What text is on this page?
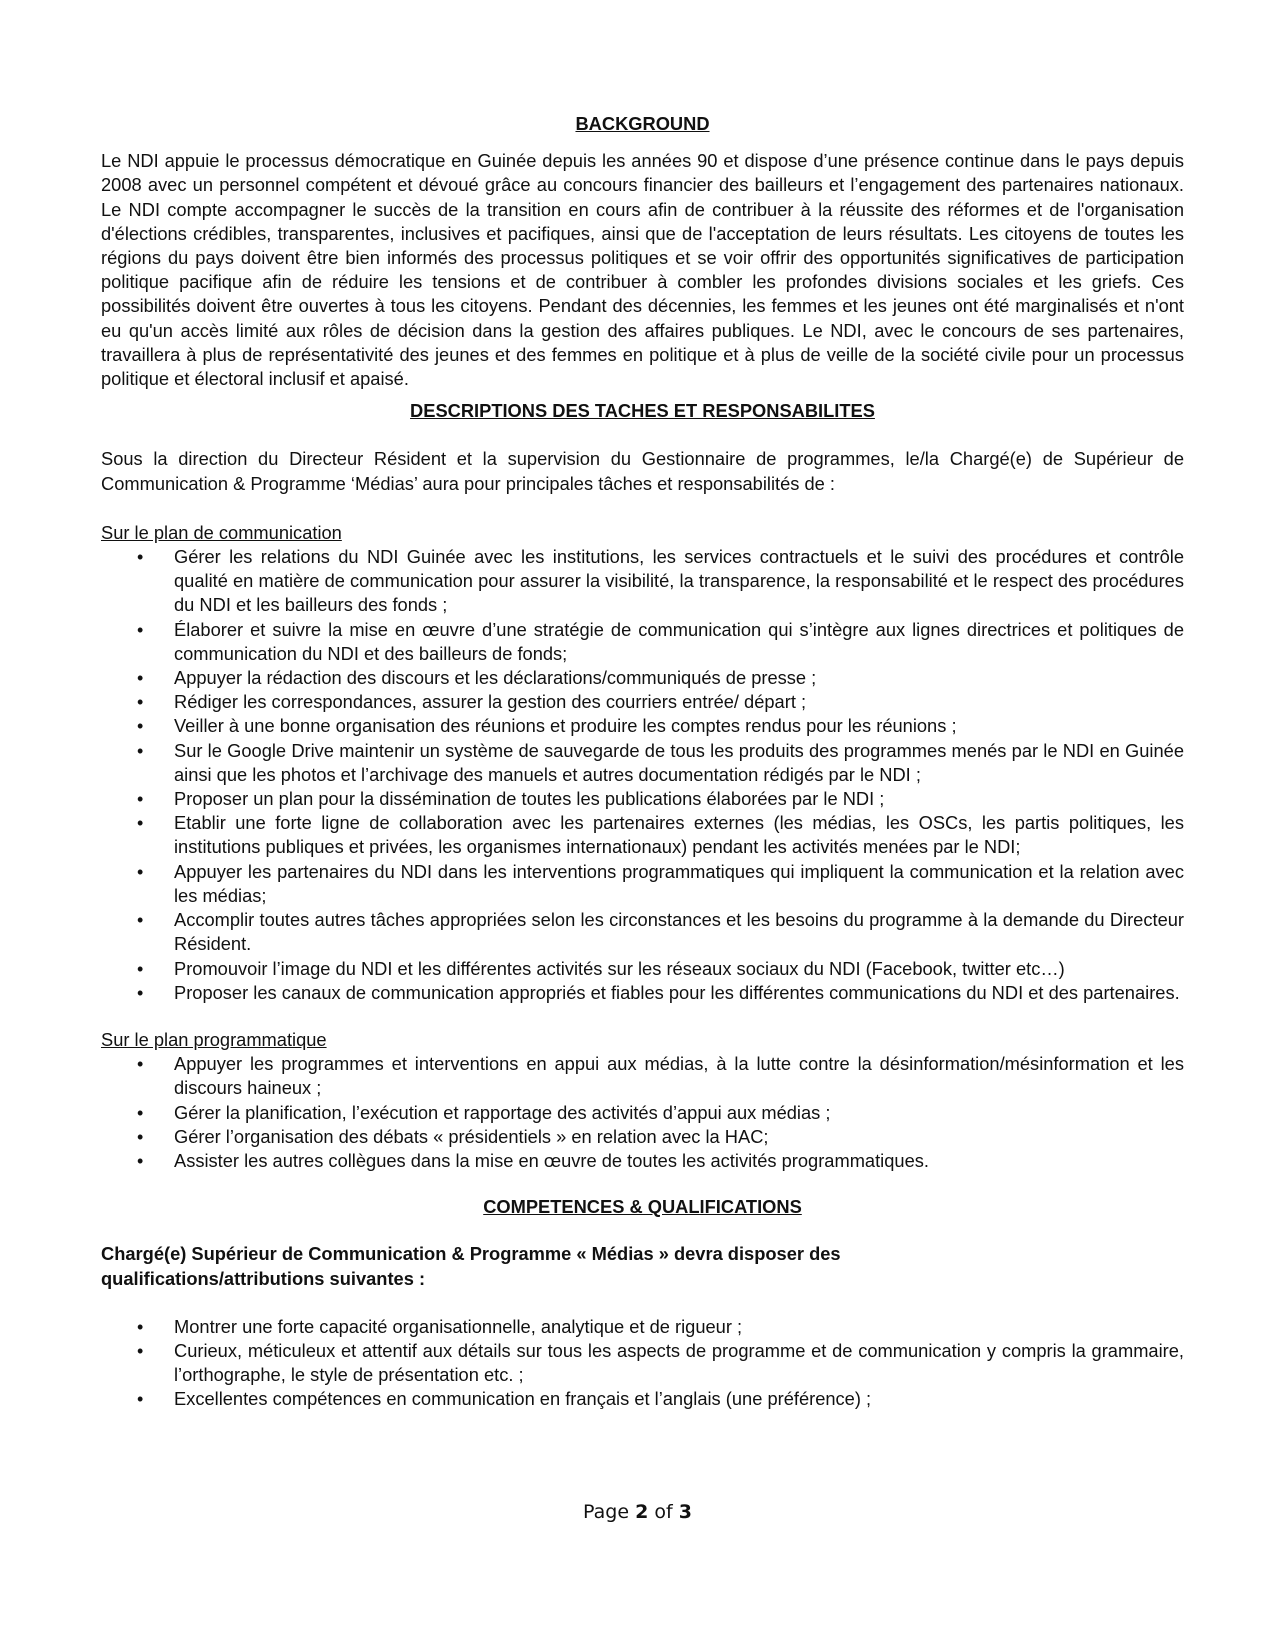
BACKGROUND

Le NDI appuie le processus démocratique en Guinée depuis les années 90 et dispose d’une présence continue dans le pays depuis 2008 avec un personnel compétent et dévoué grâce au concours financier des bailleurs et l’engagement des partenaires nationaux. Le NDI compte accompagner le succès de la transition en cours afin de contribuer à la réussite des réformes et de l'organisation d'élections crédibles, transparentes, inclusives et pacifiques, ainsi que de l'acceptation de leurs résultats. Les citoyens de toutes les régions du pays doivent être bien informés des processus politiques et se voir offrir des opportunités significatives de participation politique pacifique afin de réduire les tensions et de contribuer à combler les profondes divisions sociales et les griefs. Ces possibilités doivent être ouvertes à tous les citoyens. Pendant des décennies, les femmes et les jeunes ont été marginalisés et n'ont eu qu'un accès limité aux rôles de décision dans la gestion des affaires publiques. Le NDI, avec le concours de ses partenaires, travaillera à plus de représentativité des jeunes et des femmes en politique et à plus de veille de la société civile pour un processus politique et électoral inclusif et apaisé.

DESCRIPTIONS DES TACHES ET RESPONSABILITES

Sous la direction du Directeur Résident et la supervision du Gestionnaire de programmes, le/la Chargé(e) de Supérieur de Communication & Programme ‘Médias’ aura pour principales tâches et responsabilités de :

Sur le plan de communication

• Gérer les relations du NDI Guinée avec les institutions, les services contractuels et le suivi des procédures et contrôle qualité en matière de communication pour assurer la visibilité, la transparence, la responsabilité et le respect des procédures du NDI et les bailleurs des fonds ;
• Élaborer et suivre la mise en œuvre d’une stratégie de communication qui s’intègre aux lignes directrices et politiques de communication du NDI et des bailleurs de fonds;
• Appuyer la rédaction des discours et les déclarations/communiqués de presse ;
• Rédiger les correspondances, assurer la gestion des courriers entrée/ départ ;
• Veiller à une bonne organisation des réunions et produire les comptes rendus pour les réunions ;
• Sur le Google Drive maintenir un système de sauvegarde de tous les produits des programmes menés par le NDI en Guinée ainsi que les photos et l’archivage des manuels et autres documentation rédigés par le NDI ;
• Proposer un plan pour la dissémination de toutes les publications élaborées par le NDI ;
• Etablir une forte ligne de collaboration avec les partenaires externes (les médias, les OSCs, les partis politiques, les institutions publiques et privées, les organismes internationaux) pendant les activités menées par le NDI;
• Appuyer les partenaires du NDI dans les interventions programmatiques qui impliquent la communication et la relation avec les médias;
• Accomplir toutes autres tâches appropriées selon les circonstances et les besoins du programme à la demande du Directeur Résident.
• Promouvoir l’image du NDI et les différentes activités sur les réseaux sociaux du NDI (Facebook, twitter etc…)
• Proposer les canaux de communication appropriés et fiables pour les différentes communications du NDI et des partenaires.

Sur le plan programmatique

• Appuyer les programmes et interventions en appui aux médias, à la lutte contre la désinformation/mésinformation et les discours haineux ;
• Gérer la planification, l’exécution et rapportage des activités d’appui aux médias ;
• Gérer l’organisation des débats « présidentiels » en relation avec la HAC;
• Assister les autres collègues dans la mise en œuvre de toutes les activités programmatiques.

COMPETENCES & QUALIFICATIONS

Chargé(e) Supérieur de Communication & Programme « Médias » devra disposer des

qualifications/attributions suivantes :

• Montrer une forte capacité organisationnelle, analytique et de rigueur ;
• Curieux, méticuleux et attentif aux détails sur tous les aspects de programme et de communication y compris la grammaire, l’orthographe, le style de présentation etc. ;
• Excellentes compétences en communication en français et l’anglais (une préférence) ;
Page 2 of 3
